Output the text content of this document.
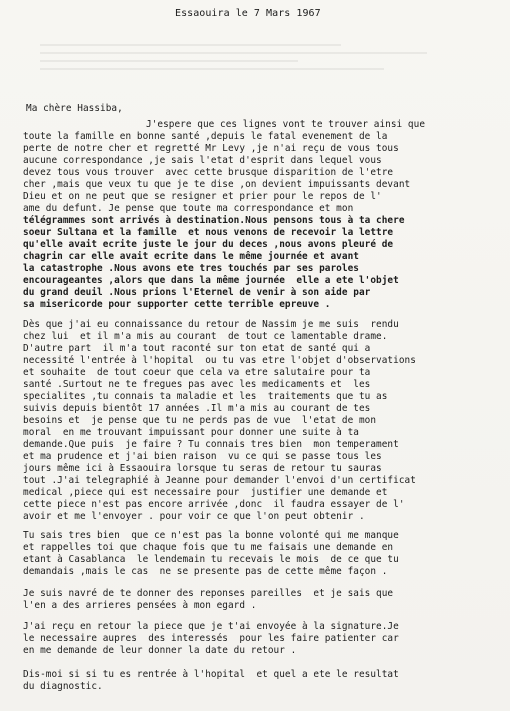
Essaouira le 7 Mars 1967
Ma chère Hassiba,
J'espere que ces lignes vont te trouver ainsi que
toute la famille en bonne santé ,depuis le fatal evenement de la
perte de notre cher et regretté Mr Levy ,je n'ai reçu de vous tous
aucune correspondance ,je sais l'etat d'esprit dans lequel vous
devez tous vous trouver  avec cette brusque disparition de l'etre
cher ,mais que veux tu que je te dise ,on devient impuissants devant
Dieu et on ne peut que se resigner et prier pour le repos de l'
ame du defunt. Je pense que toute ma correspondance et mon
télégrammes sont arrivés à destination.Nous pensons tous à ta chere
soeur Sultana et la famille  et nous venons de recevoir la lettre
qu'elle avait ecrite juste le jour du deces ,nous avons pleuré de
chagrin car elle avait ecrite dans le même journée et avant
la catastrophe .Nous avons ete tres touchés par ses paroles
encourageantes ,alors que dans la même journée  elle a ete l'objet
du grand deuil .Nous prions l'Eternel de venir à son aide par
sa misericorde pour supporter cette terrible epreuve .
Dès que j'ai eu connaissance du retour de Nassim je me suis  rendu
chez lui  et il m'a mis au courant  de tout ce lamentable drame.
D'autre part  il m'a tout raconté sur ton etat de santé qui a
necessité l'entrée à l'hopital  ou tu vas etre l'objet d'observations
et souhaite  de tout coeur que cela va etre salutaire pour ta
santé .Surtout ne te fregues pas avec les medicaments et  les
specialites ,tu connais ta maladie et les  traitements que tu as
suivis depuis bientôt 17 années .Il m'a mis au courant de tes
besoins et  je pense que tu ne perds pas de vue  l'etat de mon
moral  en me trouvant impuissant pour donner une suite à ta
demande.Que puis  je faire ? Tu connais tres bien  mon temperament
et ma prudence et j'ai bien raison  vu ce qui se passe tous les
jours même ici à Essaouira lorsque tu seras de retour tu sauras
tout .J'ai telegraphié à Jeanne pour demander l'envoi d'un certificat
medical ,piece qui est necessaire pour  justifier une demande et
cette piece n'est pas encore arrivée ,donc  il faudra essayer de l'
avoir et me l'envoyer . pour voir ce que l'on peut obtenir .
Tu sais tres bien  que ce n'est pas la bonne volonté qui me manque
et rappelles toi que chaque fois que tu me faisais une demande en
etant à Casablanca  le lendemain tu recevais le mois  de ce que tu
demandais ,mais le cas  ne se presente pas de cette même façon .
Je suis navré de te donner des reponses pareilles  et je sais que
l'en a des arrieres pensées à mon egard .
J'ai reçu en retour la piece que je t'ai envoyée à la signature.Je
le necessaire aupres  des interessés  pour les faire patienter car
en me demande de leur donner la date du retour .
Dis-moi si si tu es rentrée à l'hopital  et quel a ete le resultat
du diagnostic.
